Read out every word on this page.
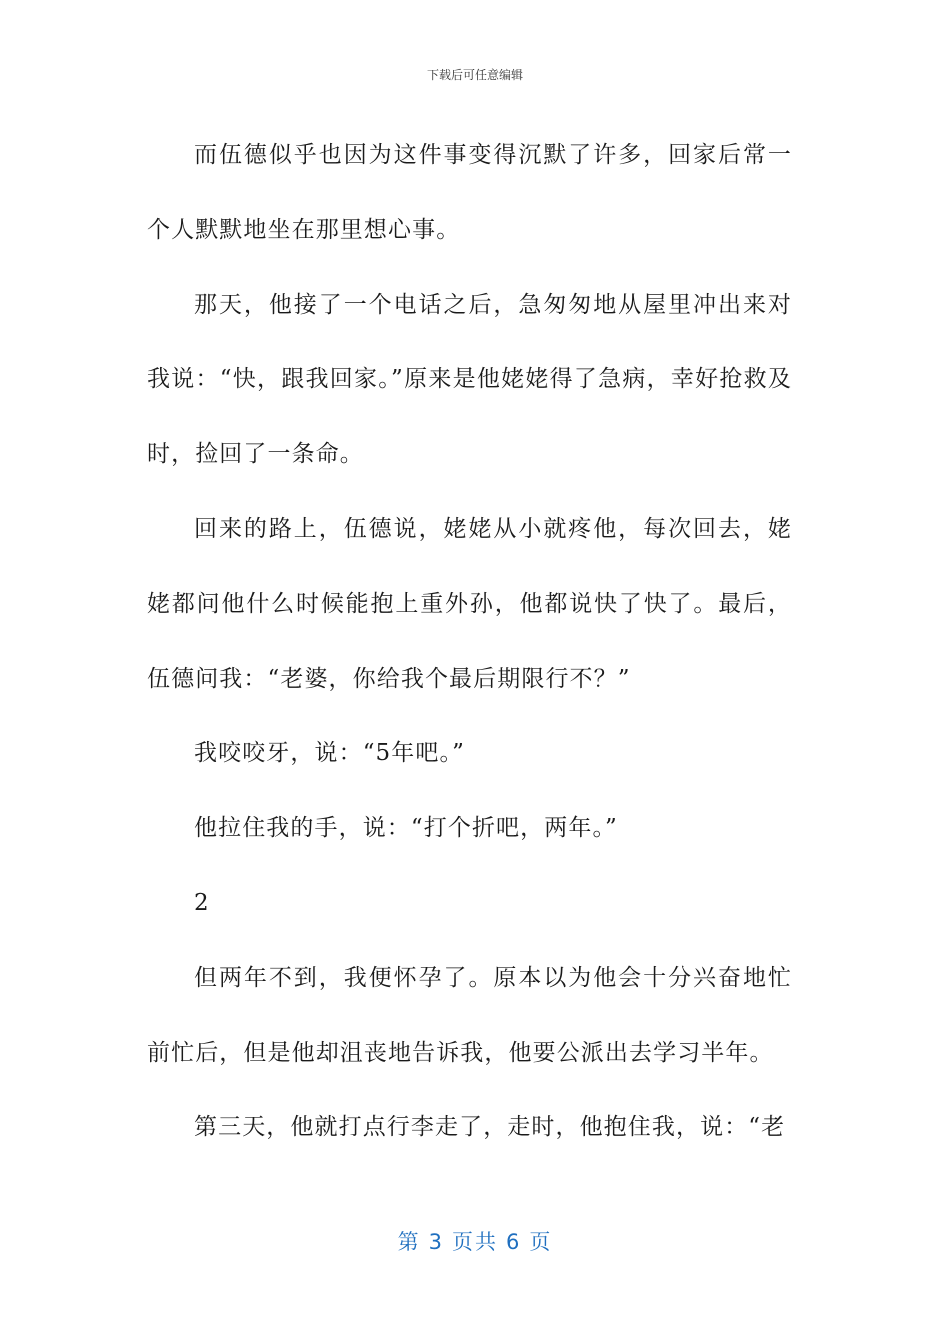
下载后可任意编辑

而伍德似乎也因为这件事变得沉默了许多，回家后常一个人默默地坐在那里想心事。

那天，他接了一个电话之后，急匆匆地从屋里冲出来对我说：“快，跟我回家。”原来是他姥姥得了急病，幸好抢救及时，捡回了一条命。

回来的路上，伍德说，姥姥从小就疼他，每次回去，姥姥都问他什么时候能抱上重外孙，他都说快了快了。最后，伍德问我：“老婆，你给我个最后期限行不？”

我咬咬牙，说：“5年吧。”

他拉住我的手，说：“打个折吧，两年。”

2

但两年不到，我便怀孕了。原本以为他会十分兴奋地忙前忙后，但是他却沮丧地告诉我，他要公派出去学习半年。

第三天，他就打点行李走了，走时，他抱住我，说：“老

第 3 页共 6 页
